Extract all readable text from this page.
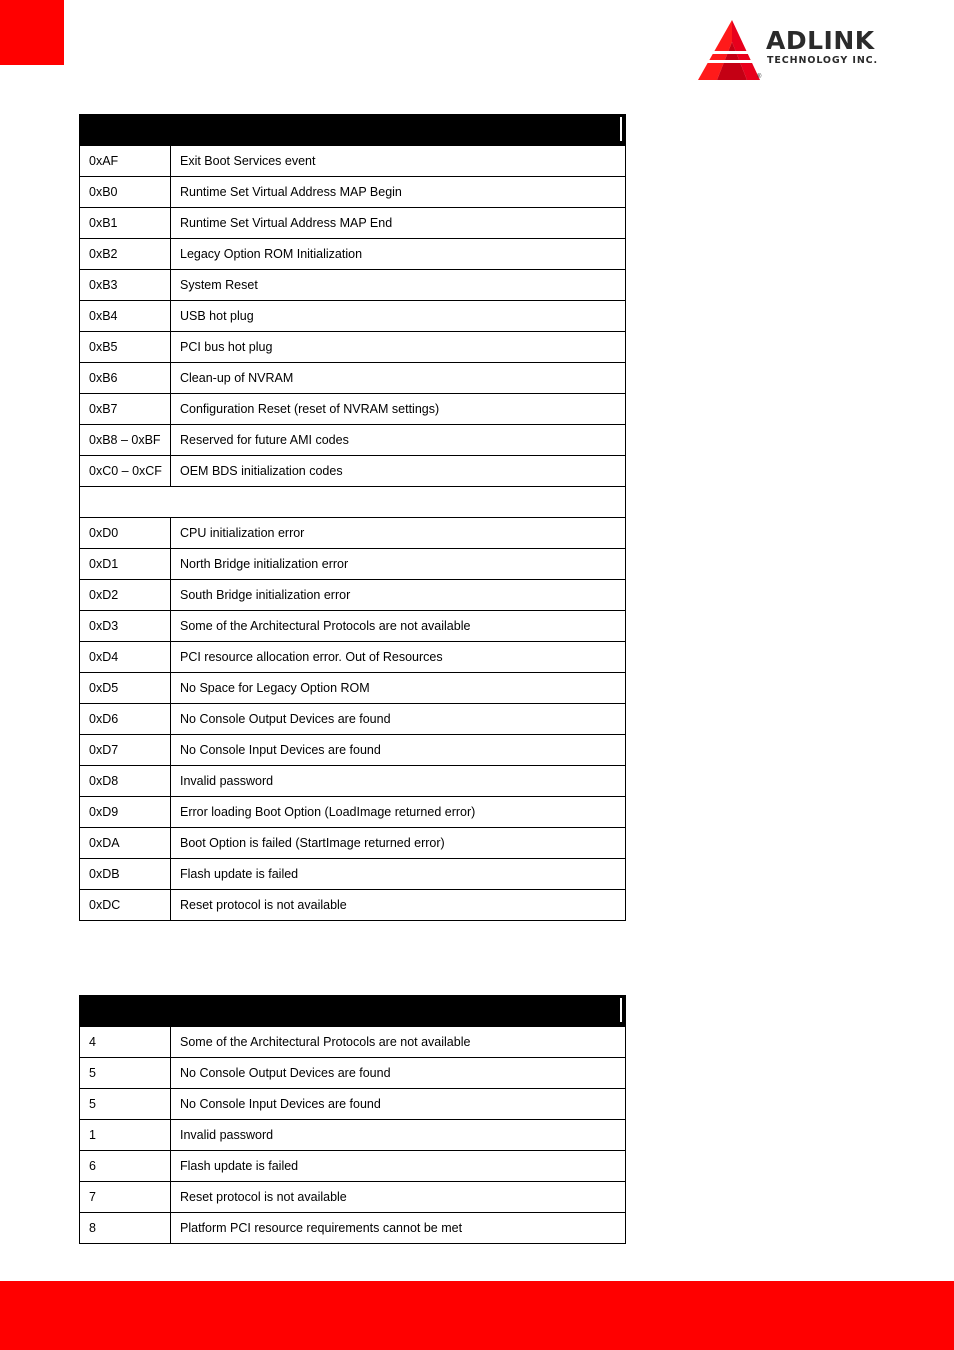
ADLINK
TECHNOLOGY INC.
®

0xAF	Exit Boot Services event
0xB0	Runtime Set Virtual Address MAP Begin
0xB1	Runtime Set Virtual Address MAP End
0xB2	Legacy Option ROM Initialization
0xB3	System Reset
0xB4	USB hot plug
0xB5	PCI bus hot plug
0xB6	Clean-up of NVRAM
0xB7	Configuration Reset (reset of NVRAM settings)
0xB8 – 0xBF	Reserved for future AMI codes
0xC0 – 0xCF	OEM BDS initialization codes

0xD0	CPU initialization error
0xD1	North Bridge initialization error
0xD2	South Bridge initialization error
0xD3	Some of the Architectural Protocols are not available
0xD4	PCI resource allocation error. Out of Resources
0xD5	No Space for Legacy Option ROM
0xD6	No Console Output Devices are found
0xD7	No Console Input Devices are found
0xD8	Invalid password
0xD9	Error loading Boot Option (LoadImage returned error)
0xDA	Boot Option is failed (StartImage returned error)
0xDB	Flash update is failed
0xDC	Reset protocol is not available

4	Some of the Architectural Protocols are not available
5	No Console Output Devices are found
5	No Console Input Devices are found
1	Invalid password
6	Flash update is failed
7	Reset protocol is not available
8	Platform PCI resource requirements cannot be met
